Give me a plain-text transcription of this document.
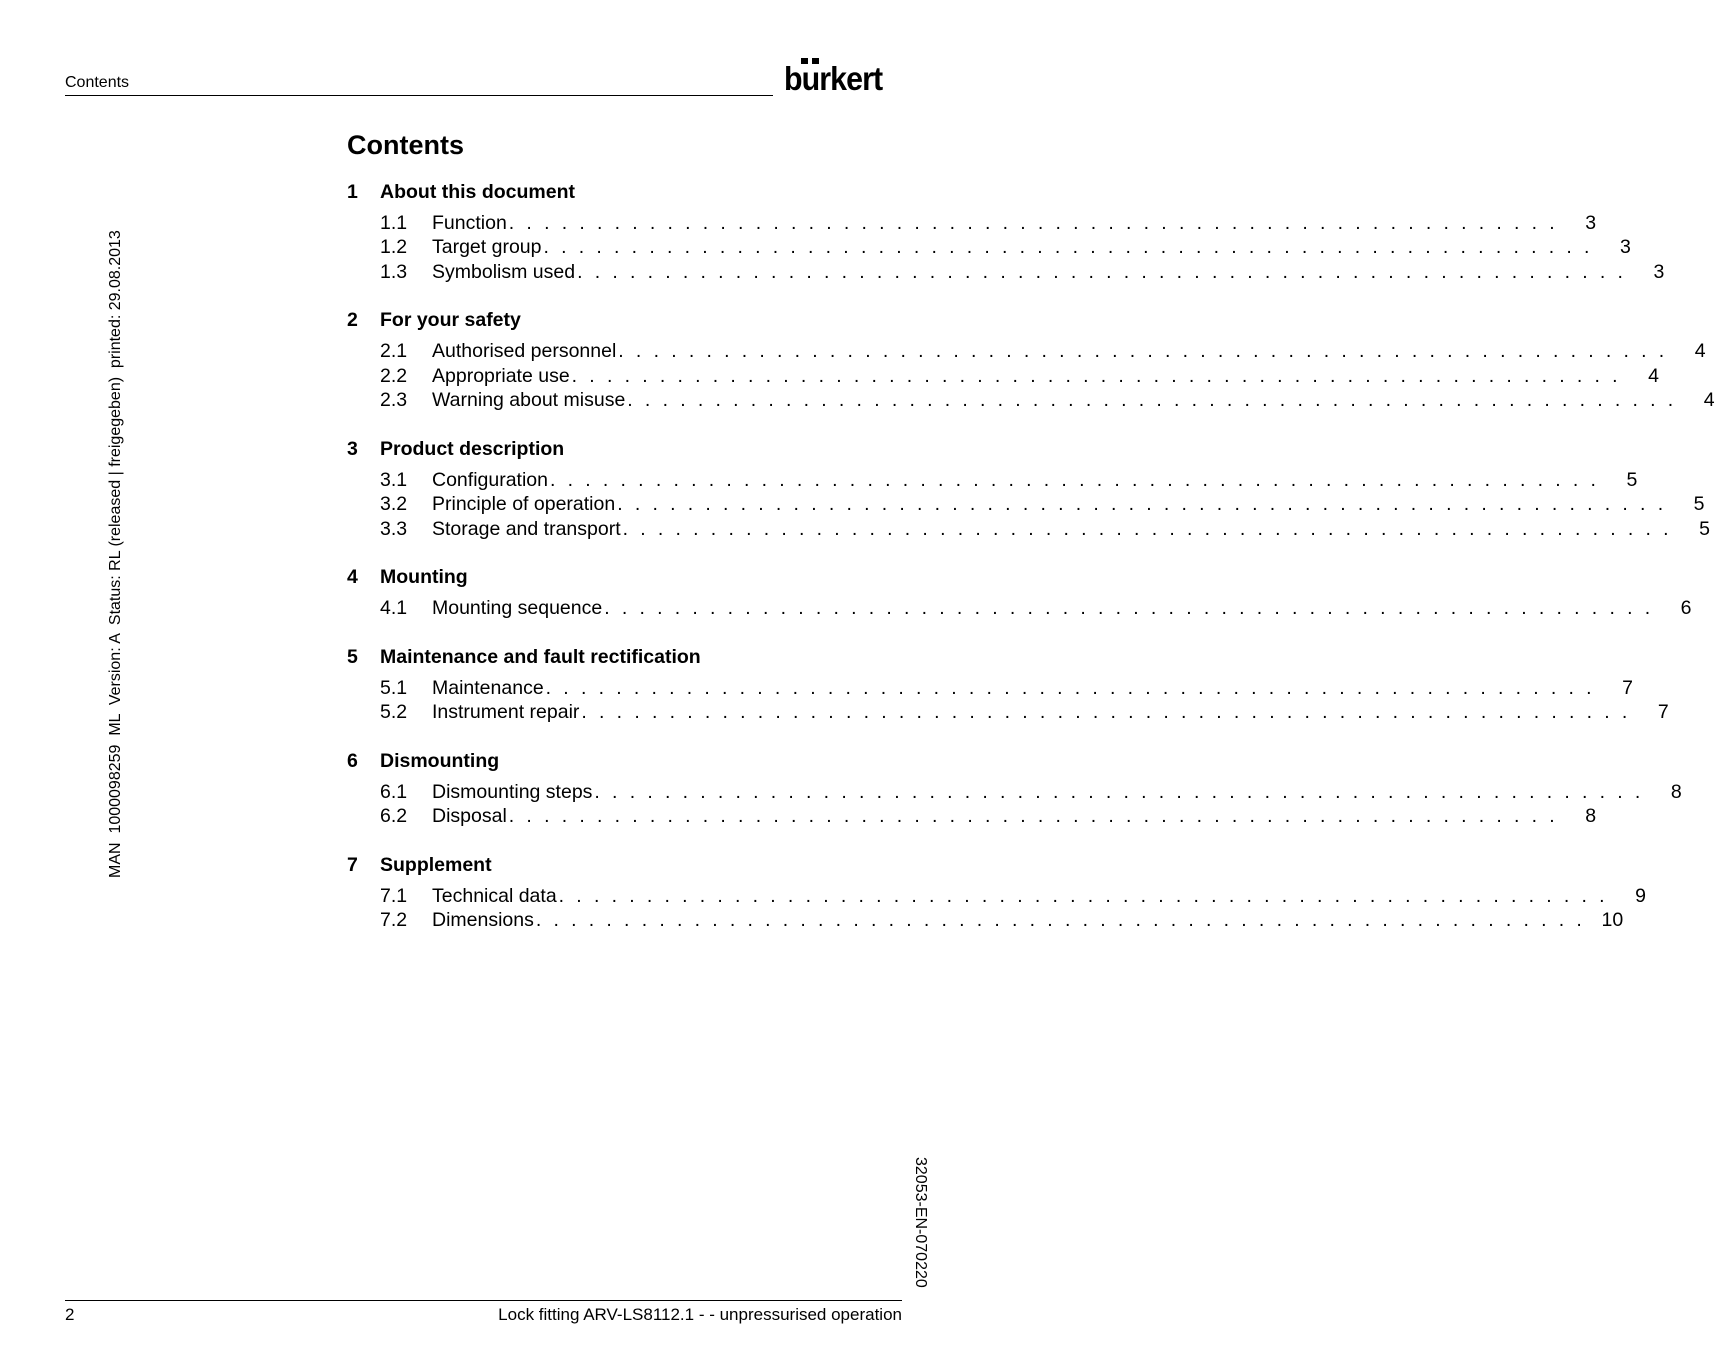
Contents	burkert
MAN  1000098259  ML  Version: A  Status: RL (released | freigegeben)  printed: 29.08.2013
32053-EN-070220
Contents
1	About this document
1.1	Function . . . . . . . . . . . . . . . . . . . . . . . . . . . . . . . . . . . . . . . . . . . . . . . . . . . . . . . . . . . .	3
1.2	Target group . . . . . . . . . . . . . . . . . . . . . . . . . . . . . . . . . . . . . . . . . . . . . . . . . . . . . . . . . . . .	3
1.3	Symbolism used . . . . . . . . . . . . . . . . . . . . . . . . . . . . . . . . . . . . . . . . . . . . . . . . . . . . . . . . . . . .	3
2	For your safety
2.1	Authorised personnel . . . . . . . . . . . . . . . . . . . . . . . . . . . . . . . . . . . . . . . . . . . . . . . . . . . . . . . . . . . .	4
2.2	Appropriate use . . . . . . . . . . . . . . . . . . . . . . . . . . . . . . . . . . . . . . . . . . . . . . . . . . . . . . . . . . . .	4
2.3	Warning about misuse . . . . . . . . . . . . . . . . . . . . . . . . . . . . . . . . . . . . . . . . . . . . . . . . . . . . . . . . . . . .	4
3	Product description
3.1	Configuration . . . . . . . . . . . . . . . . . . . . . . . . . . . . . . . . . . . . . . . . . . . . . . . . . . . . . . . . . . . .	5
3.2	Principle of operation . . . . . . . . . . . . . . . . . . . . . . . . . . . . . . . . . . . . . . . . . . . . . . . . . . . . . . . . . . . .	5
3.3	Storage and transport . . . . . . . . . . . . . . . . . . . . . . . . . . . . . . . . . . . . . . . . . . . . . . . . . . . . . . . . . . . .	5
4	Mounting
4.1	Mounting sequence . . . . . . . . . . . . . . . . . . . . . . . . . . . . . . . . . . . . . . . . . . . . . . . . . . . . . . . . . . . .	6
5	Maintenance and fault rectification
5.1	Maintenance . . . . . . . . . . . . . . . . . . . . . . . . . . . . . . . . . . . . . . . . . . . . . . . . . . . . . . . . . . . .	7
5.2	Instrument repair . . . . . . . . . . . . . . . . . . . . . . . . . . . . . . . . . . . . . . . . . . . . . . . . . . . . . . . . . . . .	7
6	Dismounting
6.1	Dismounting steps . . . . . . . . . . . . . . . . . . . . . . . . . . . . . . . . . . . . . . . . . . . . . . . . . . . . . . . . . . . .	8
6.2	Disposal . . . . . . . . . . . . . . . . . . . . . . . . . . . . . . . . . . . . . . . . . . . . . . . . . . . . . . . . . . . .	8
7	Supplement
7.1	Technical data . . . . . . . . . . . . . . . . . . . . . . . . . . . . . . . . . . . . . . . . . . . . . . . . . . . . . . . . . . . .	9
7.2	Dimensions . . . . . . . . . . . . . . . . . . . . . . . . . . . . . . . . . . . . . . . . . . . . . . . . . . . . . . . . . . . . 10
2	Lock fitting ARV-LS8112.1 - - unpressurised operation
